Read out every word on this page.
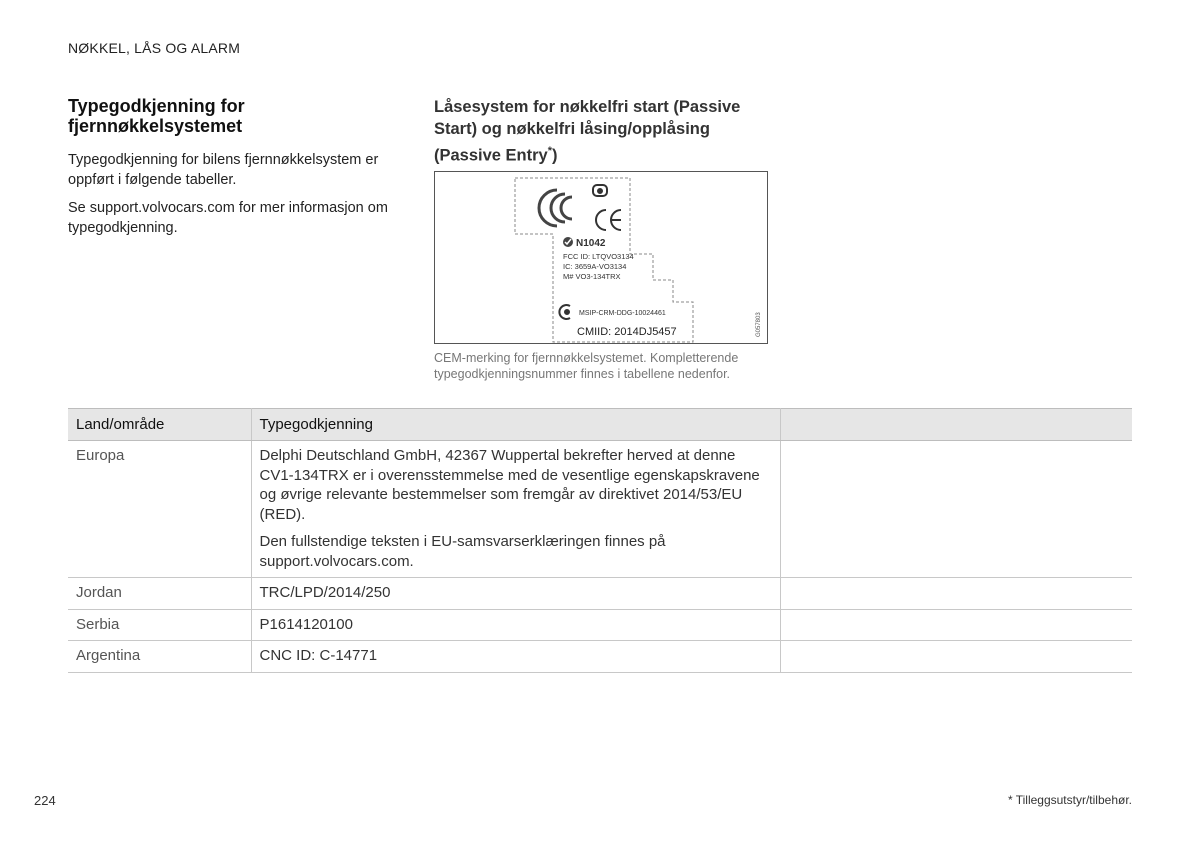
NØKKEL, LÅS OG ALARM
Typegodkjenning for fjernnøkkelsystemet

Typegodkjenning for bilens fjernnøkkelsystem er oppført i følgende tabeller.

Se support.volvocars.com for mer informasjon om typegodkjenning.

Låsesystem for nøkkelfri start (Passive Start) og nøkkelfri låsing/opplåsing (Passive Entry*)
N1042
FCC ID: LTQVO3134
IC: 3659A-VO3134
M# VO3-134TRX
MSIP-CRM-DDG-10024461
CMIID: 2014DJ5457	G057803
CEM-merking for fjernnøkkelsystemet. Kompletterende typegodkjenningsnummer finnes i tabellene nedenfor.
Land/område	Typegodkjenning	
Europa	Delphi Deutschland GmbH, 42367 Wuppertal bekrefter herved at denne CV1-134TRX er i overensstemmelse med de vesentlige egenskapskravene og øvrige relevante bestemmelser som fremgår av direktivet 2014/53/EU (RED).

Den fullstendige teksten i EU-samsvarserklæringen finnes på support.volvocars.com.	

Jordan	TRC/LPD/2014/250	
Serbia	P1614120100	
Argentina	CNC ID: C-14771	
224	* Tilleggsutstyr/tilbehør.
